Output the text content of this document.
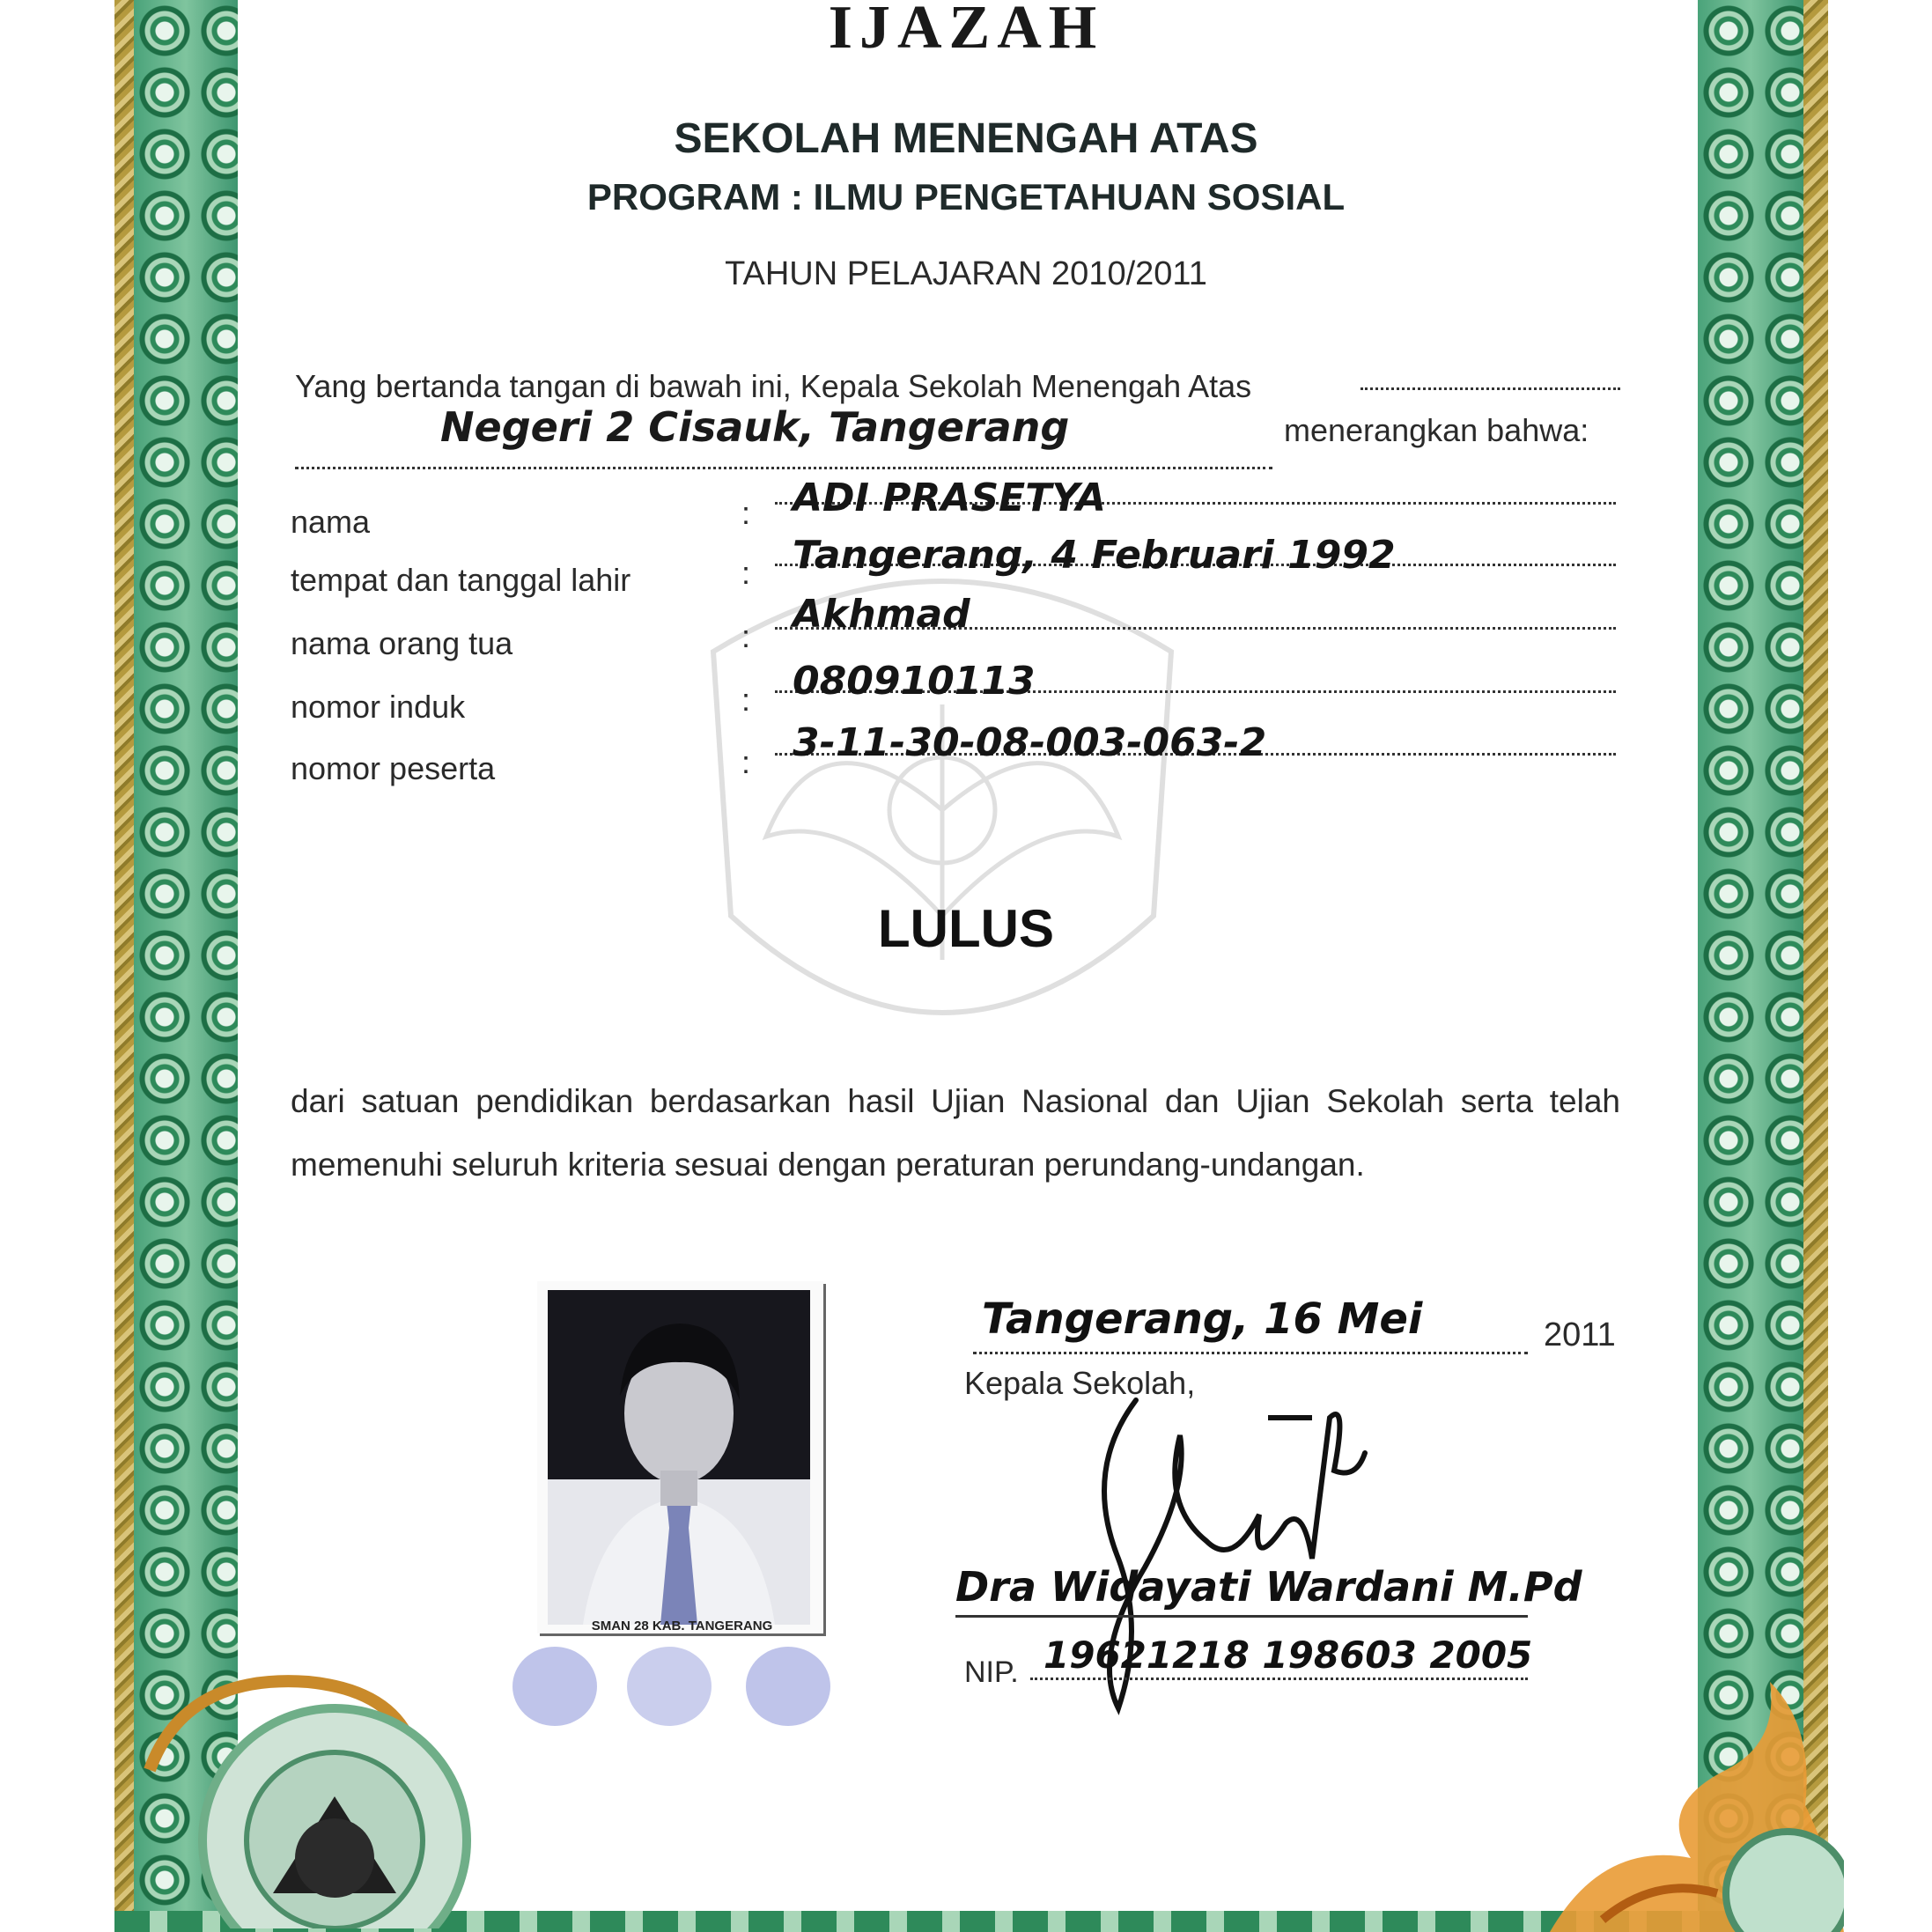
IJAZAH
SEKOLAH MENENGAH ATAS
PROGRAM : ILMU PENGETAHUAN SOSIAL
TAHUN PELAJARAN 2010/2011
Yang bertanda tangan di bawah ini, Kepala Sekolah Menengah Atas
Negeri 2 Cisauk, Tangerang	menerangkan bahwa:
nama	: ADI PRASETYA
tempat dan tanggal lahir	: Tangerang, 4 Februari 1992
nama orang tua	: Akhmad
nomor induk	: 080910113
nomor peserta	: 3-11-30-08-003-063-2
LULUS
dari satuan pendidikan berdasarkan hasil Ujian Nasional dan Ujian Sekolah serta telah memenuhi seluruh kriteria sesuai dengan peraturan perundang-undangan.
SMAN 28 KAB. TANGERANG
Tangerang, 16 Mei	2011
Kepala Sekolah,
Dra Widayati Wardani M.Pd
NIP. 19621218 198603 2005
